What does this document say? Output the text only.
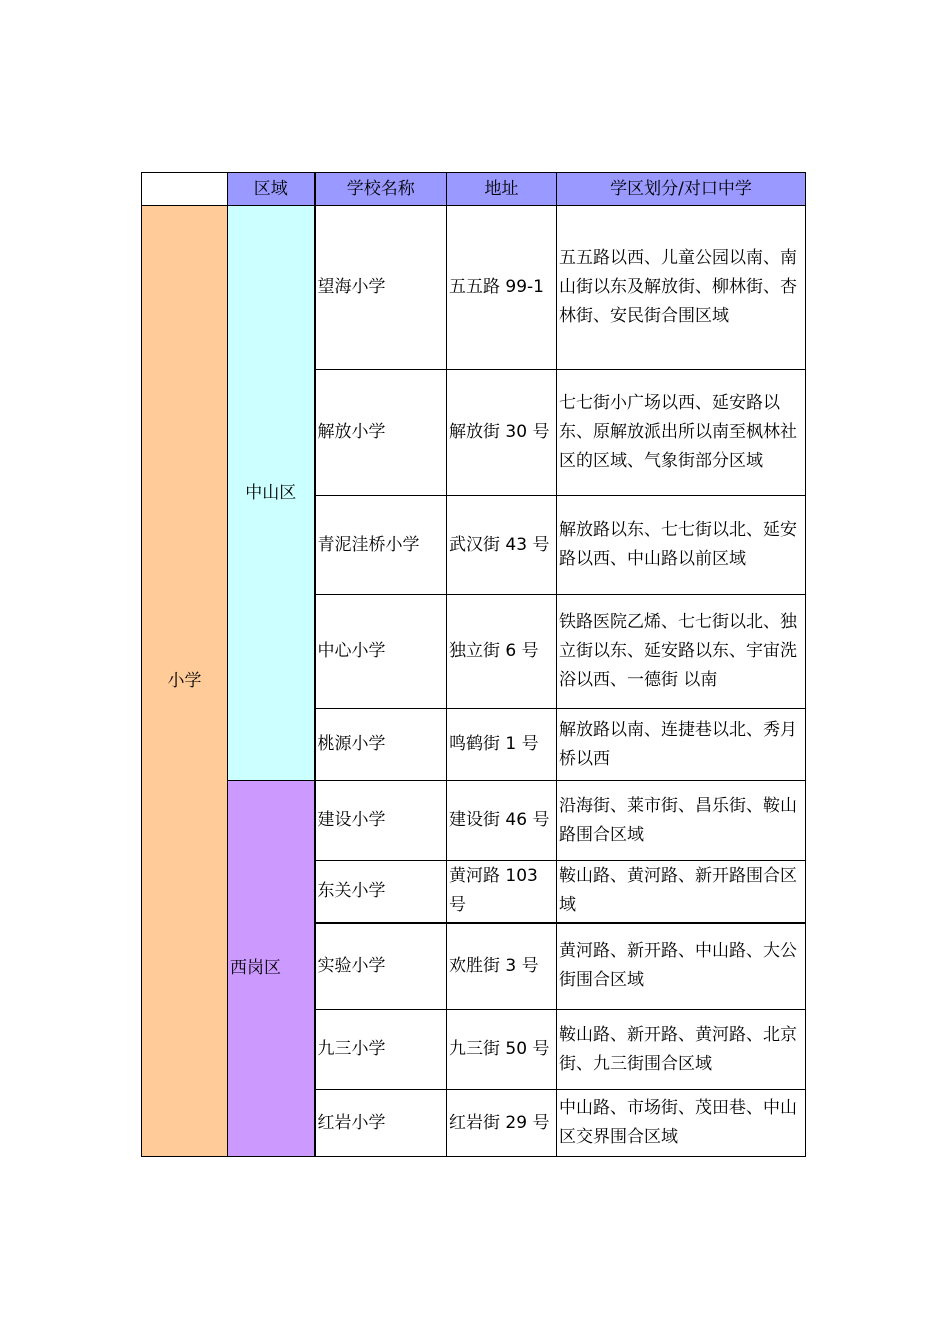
	区域	学校名称	地址	学区划分/对口中学
小学	中山区	望海小学	五五路 99-1	五五路以西、儿童公园以南、南山街以东及解放街、柳林街、杏林街、安民街合围区域
		解放小学	解放街 30 号	七七街小广场以西、延安路以东、原解放派出所以南至枫林社区的区域、气象街部分区域
		青泥洼桥小学	武汉街 43 号	解放路以东、七七街以北、延安路以西、中山路以前区域
		中心小学	独立街 6 号	铁路医院乙烯、七七街以北、独立街以东、延安路以东、宇宙洗浴以西、一德街 以南
		桃源小学	鸣鹤街 1 号	解放路以南、连捷巷以北、秀月桥以西
	西岗区	建设小学	建设街 46 号	沿海街、莱市街、昌乐街、鞍山路围合区域
		东关小学	黄河路 103 号	鞍山路、黄河路、新开路围合区域
		实验小学	欢胜街 3 号	黄河路、新开路、中山路、大公街围合区域
		九三小学	九三街 50 号	鞍山路、新开路、黄河路、北京街、九三街围合区域
		红岩小学	红岩街 29 号	中山路、市场街、茂田巷、中山区交界围合区域
